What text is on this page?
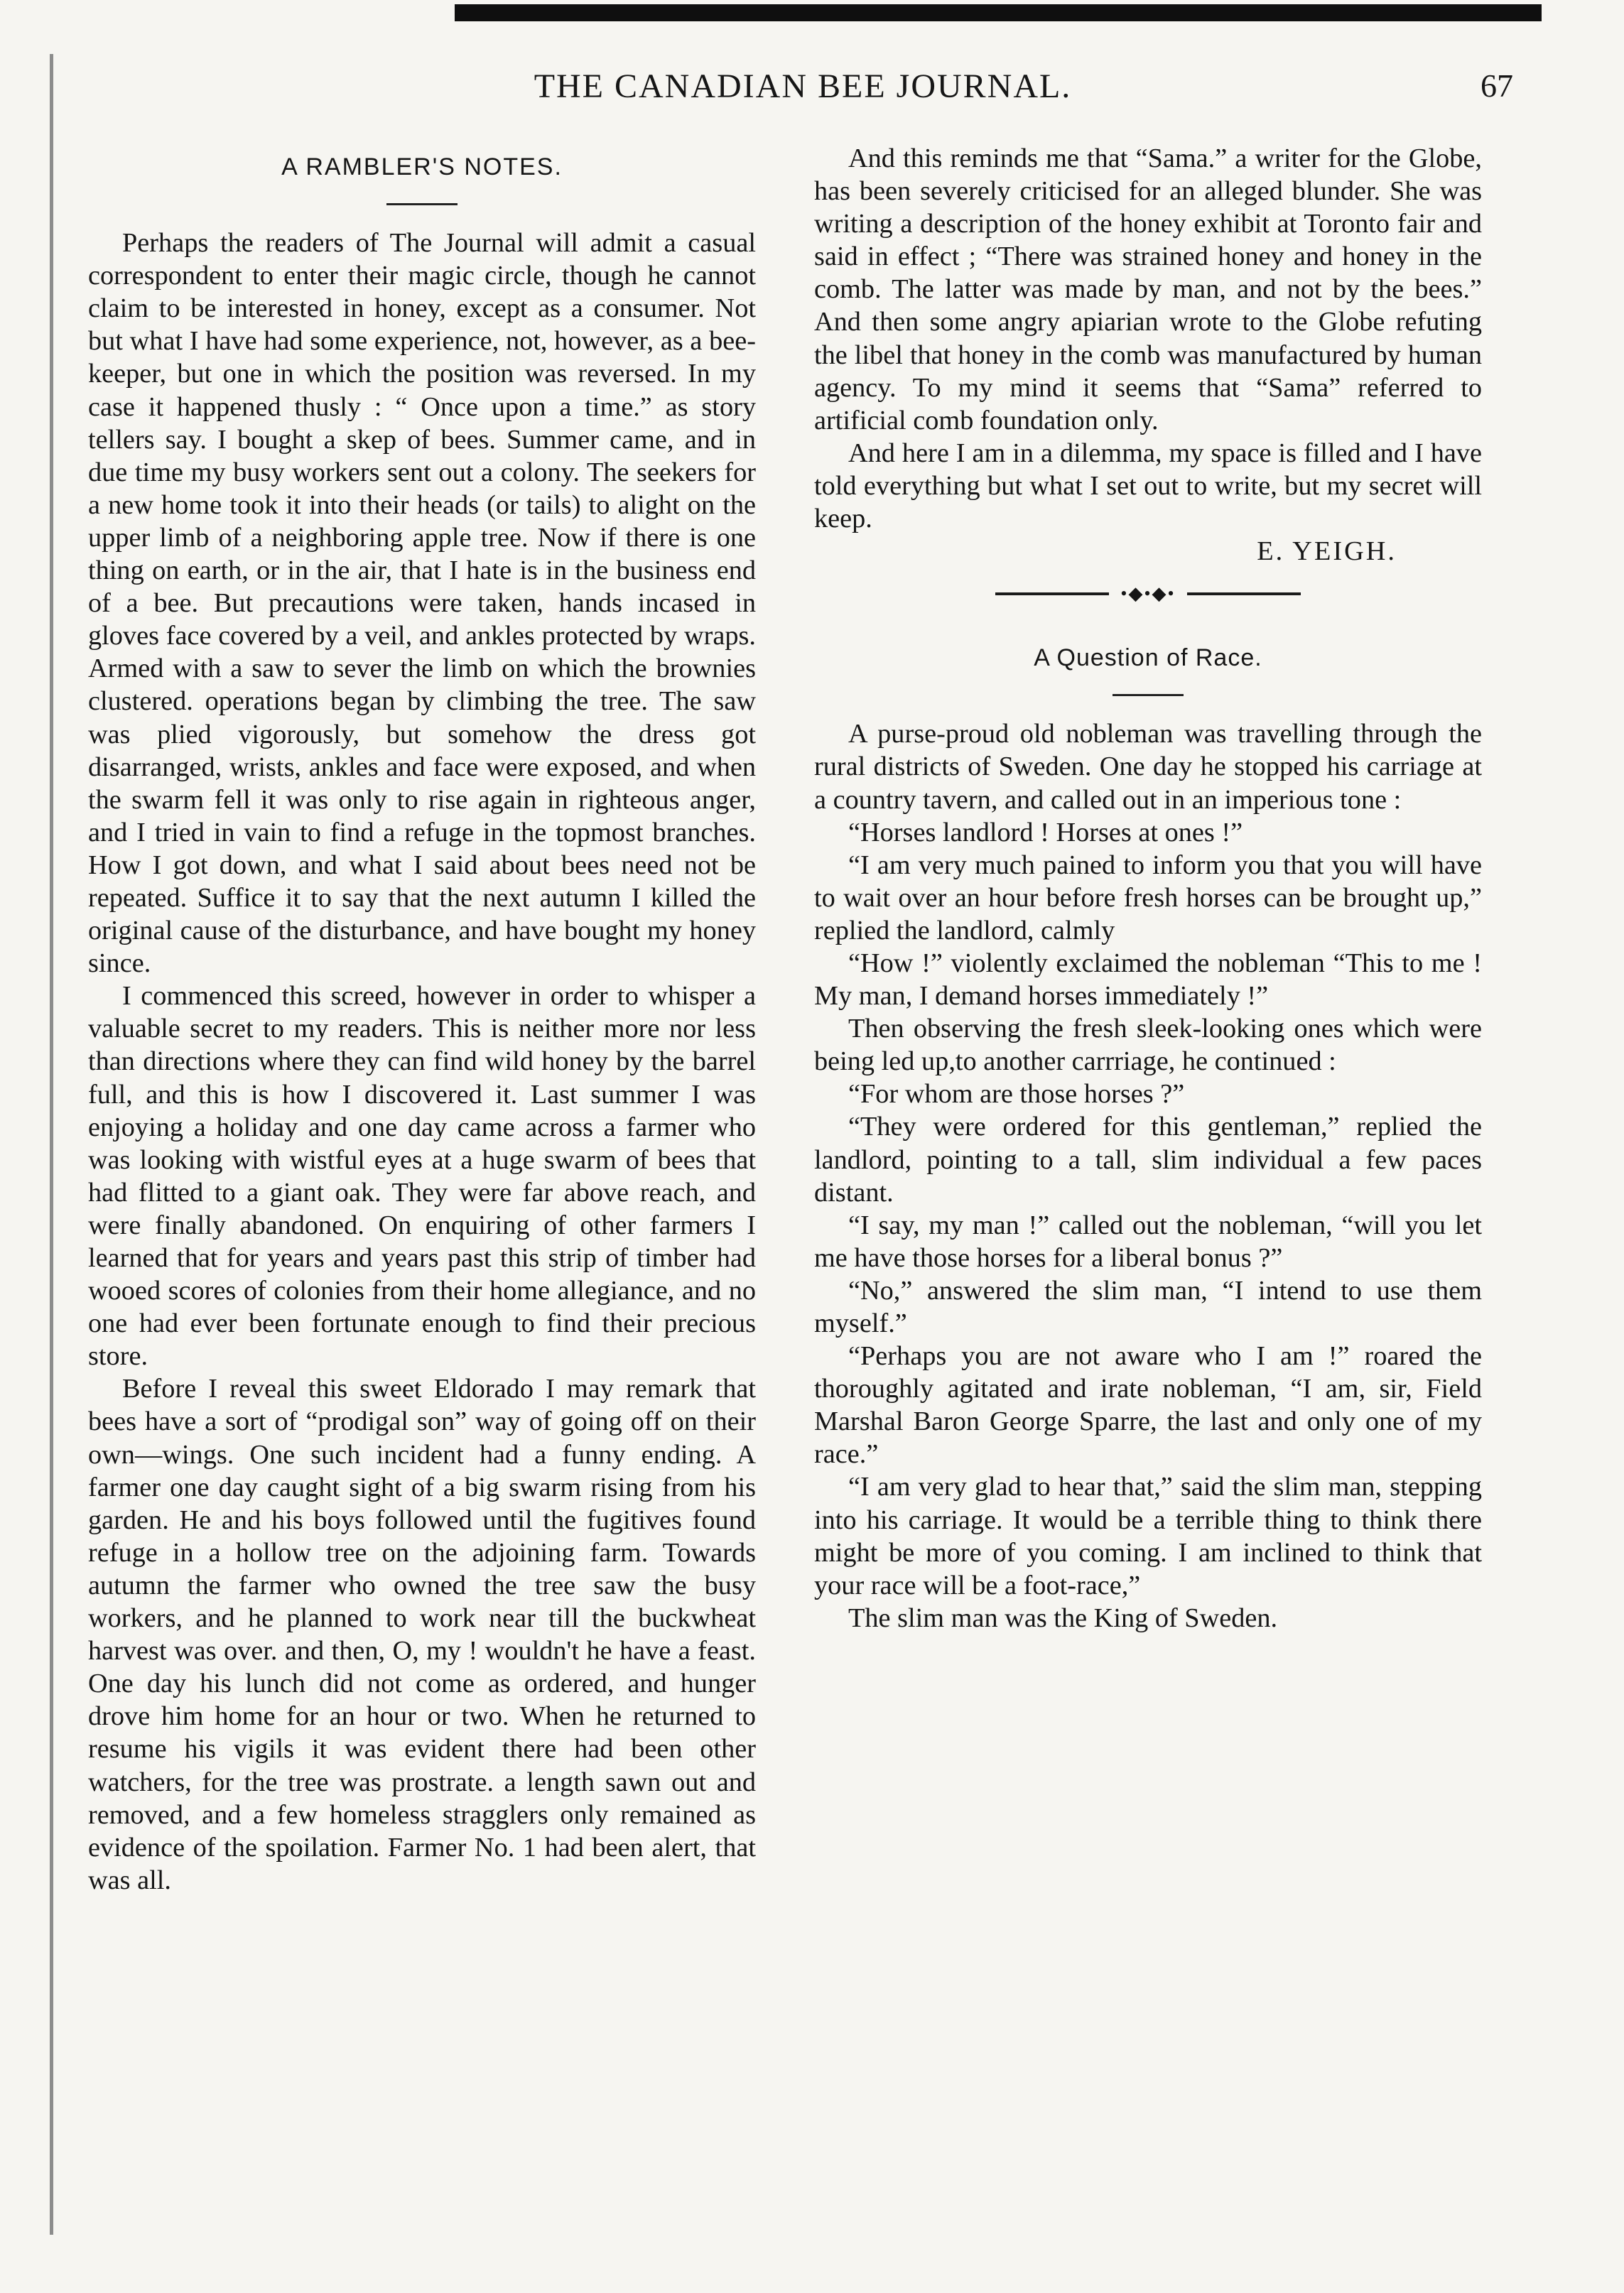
THE CANADIAN BEE JOURNAL.	67
A RAMBLER'S NOTES.

Perhaps the readers of The Journal will admit a casual correspondent to enter their magic circle, though he cannot claim to be interested in honey, except as a consumer. Not but what I have had some experience, not, however, as a bee-keeper, but one in which the position was reversed. In my case it happened thusly : “ Once upon a time.” as story tellers say. I bought a skep of bees. Summer came, and in due time my busy workers sent out a colony. The seekers for a new home took it into their heads (or tails) to alight on the upper limb of a neighboring apple tree. Now if there is one thing on earth, or in the air, that I hate is in the business end of a bee. But precautions were taken, hands incased in gloves face covered by a veil, and ankles protected by wraps. Armed with a saw to sever the limb on which the brownies clustered. operations began by climbing the tree. The saw was plied vigorously, but somehow the dress got disarranged, wrists, ankles and face were exposed, and when the swarm fell it was only to rise again in righteous anger, and I tried in vain to find a refuge in the topmost branches. How I got down, and what I said about bees need not be repeated. Suffice it to say that the next autumn I killed the original cause of the disturbance, and have bought my honey since.

I commenced this screed, however in order to whisper a valuable secret to my readers. This is neither more nor less than directions where they can find wild honey by the barrel full, and this is how I discovered it. Last summer I was enjoying a holiday and one day came across a farmer who was looking with wistful eyes at a huge swarm of bees that had flitted to a giant oak. They were far above reach, and were finally abandoned. On enquiring of other farmers I learned that for years and years past this strip of timber had wooed scores of colonies from their home allegiance, and no one had ever been fortunate enough to find their precious store.

Before I reveal this sweet Eldorado I may remark that bees have a sort of “prodigal son” way of going off on their own—wings. One such incident had a funny ending. A farmer one day caught sight of a big swarm rising from his garden. He and his boys followed until the fugitives found refuge in a hollow tree on the adjoining farm. Towards autumn the farmer who owned the tree saw the busy workers, and he planned to work near till the buckwheat harvest was over. and then, O, my ! wouldn't he have a feast. One day his lunch did not come as ordered, and hunger drove him home for an hour or two. When he returned to resume his vigils it was evident there had been other watchers, for the tree was prostrate. a length sawn out and removed, and a few homeless stragglers only remained as evidence of the spoilation. Farmer No. 1 had been alert, that was all.

And this reminds me that “Sama.” a writer for the Globe, has been severely criticised for an alleged blunder. She was writing a description of the honey exhibit at Toronto fair and said in effect ; “There was strained honey and honey in the comb. The latter was made by man, and not by the bees.” And then some angry apiarian wrote to the Globe refuting the libel that honey in the comb was manufactured by human agency. To my mind it seems that “Sama” referred to artificial comb foundation only.

And here I am in a dilemma, my space is filled and I have told everything but what I set out to write, but my secret will keep.

E. YEIGH.
•◆•◆•
A Question of Race.

A purse-proud old nobleman was travelling through the rural districts of Sweden. One day he stopped his carriage at a country tavern, and called out in an imperious tone :

“Horses landlord ! Horses at ones !”

“I am very much pained to inform you that you will have to wait over an hour before fresh horses can be brought up,” replied the landlord, calmly

“How !” violently exclaimed the nobleman “This to me ! My man, I demand horses immediately !”

Then observing the fresh sleek-looking ones which were being led up,to another carrriage, he continued :

“For whom are those horses ?”

“They were ordered for this gentleman,” replied the landlord, pointing to a tall, slim individual a few paces distant.

“I say, my man !” called out the nobleman, “will you let me have those horses for a liberal bonus ?”

“No,” answered the slim man, “I intend to use them myself.”

“Perhaps you are not aware who I am !” roared the thoroughly agitated and irate nobleman, “I am, sir, Field Marshal Baron George Sparre, the last and only one of my race.”

“I am very glad to hear that,” said the slim man, stepping into his carriage. It would be a terrible thing to think there might be more of you coming. I am inclined to think that your race will be a foot-race,”

The slim man was the King of Sweden.
